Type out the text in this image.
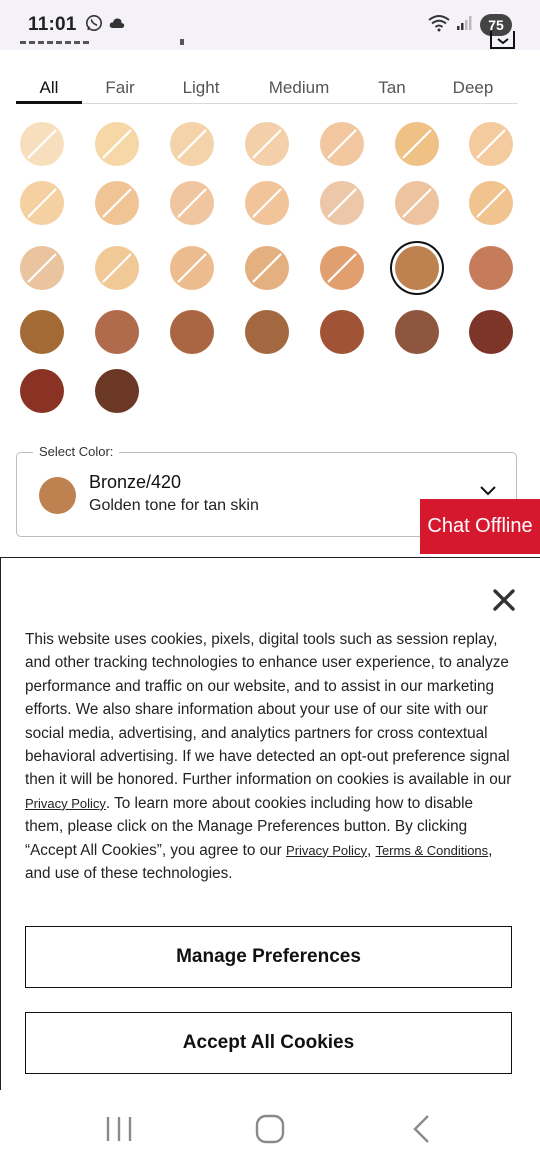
11:01	75
All	Fair	Light	Medium	Tan	Deep
Select Color:
Bronze/420
Golden tone for tan skin
Chat Offline

This website uses cookies, pixels, digital tools such as session replay, and other tracking technologies to enhance user experience, to analyze performance and traffic on our website, and to assist in our marketing efforts. We also share information about your use of our site with our social media, advertising, and analytics partners for cross contextual behavioral advertising. If we have detected an opt-out preference signal then it will be honored. Further information on cookies is available in our Privacy Policy. To learn more about cookies including how to disable them, please click on the Manage Preferences button. By clicking “Accept All Cookies”, you agree to our Privacy Policy, Terms & Conditions, and use of these technologies.

Manage Preferences
Accept All Cookies
